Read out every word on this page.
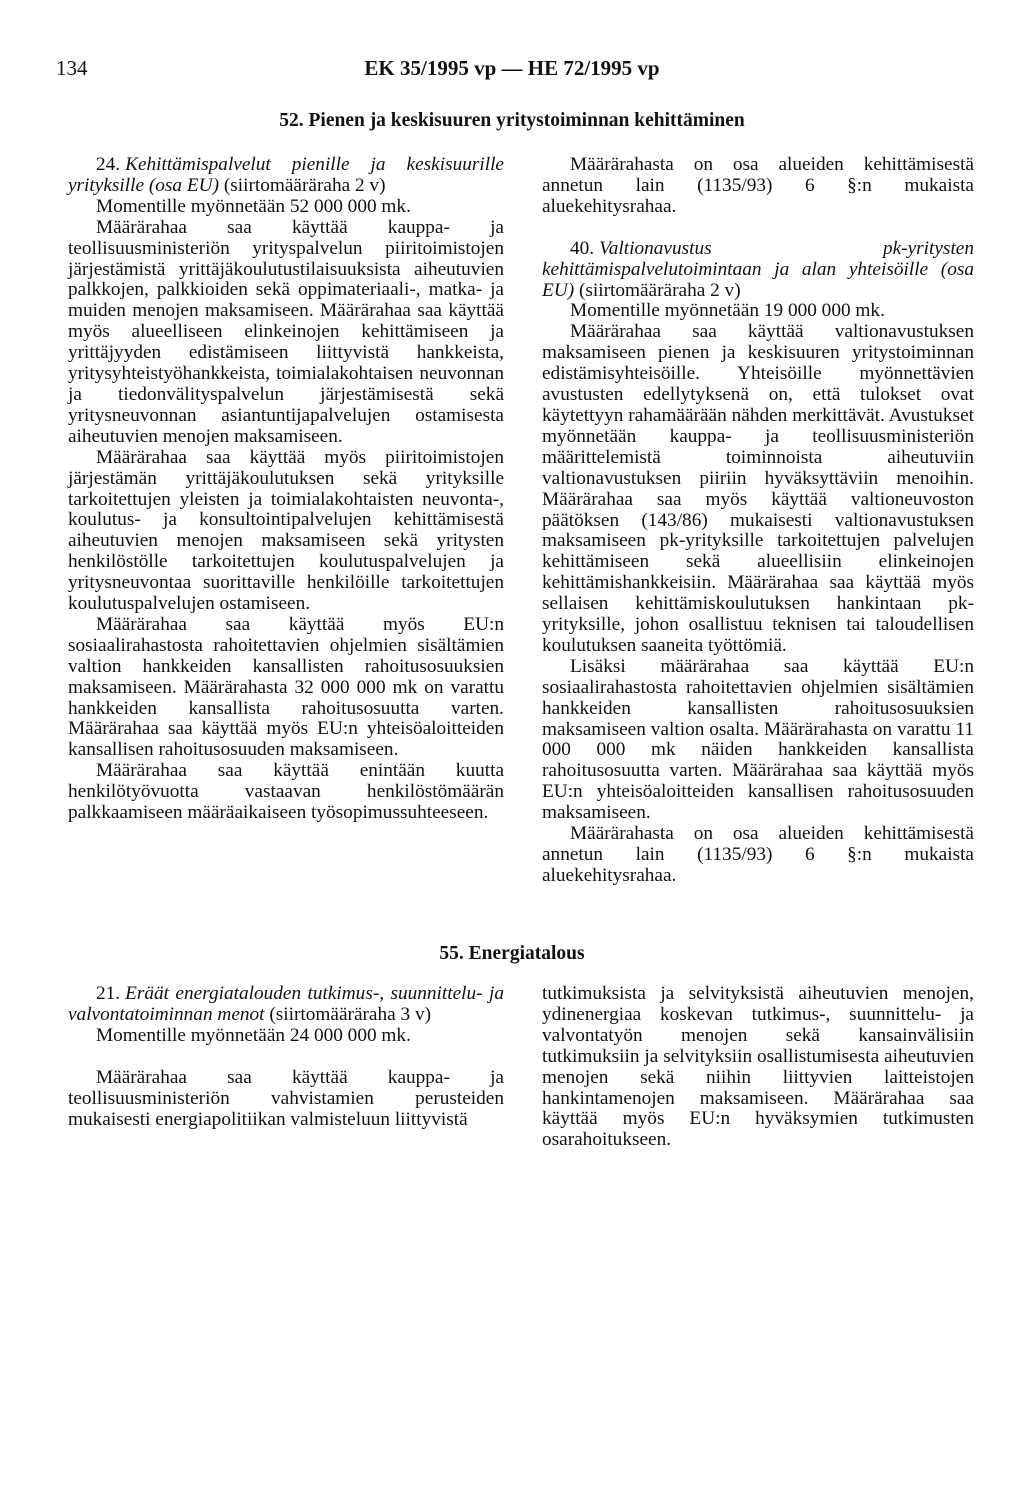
134	EK 35/1995 vp — HE 72/1995 vp
52. Pienen ja keskisuuren yritystoiminnan kehittäminen

24. Kehittämispalvelut pienille ja keskisuurille yrityksille (osa EU) (siirtomääräraha 2 v)

Momentille myönnetään 52 000 000 mk.

Määrärahaa saa käyttää kauppa- ja teollisuusministeriön yrityspalvelun piiritoimistojen järjestämistä yrittäjäkoulutustilaisuuksista aiheutuvien palkkojen, palkkioiden sekä oppimateriaali-, matka- ja muiden menojen maksamiseen. Määrärahaa saa käyttää myös alueelliseen elinkeinojen kehittämiseen ja yrittäjyyden edistämiseen liittyvistä hankkeista, yritysyhteistyöhankkeista, toimialakohtaisen neuvonnan ja tiedonvälityspalvelun järjestämisestä sekä yritysneuvonnan asiantuntijapalvelujen ostamisesta aiheutuvien menojen maksamiseen.

Määrärahaa saa käyttää myös piiritoimistojen järjestämän yrittäjäkoulutuksen sekä yrityksille tarkoitettujen yleisten ja toimialakohtaisten neuvonta-, koulutus- ja konsultointipalvelujen kehittämisestä aiheutuvien menojen maksamiseen sekä yritysten henkilöstölle tarkoitettujen koulutuspalvelujen ja yritysneuvontaa suorittaville henkilöille tarkoitettujen koulutuspalvelujen ostamiseen.

Määrärahaa saa käyttää myös EU:n sosiaalirahastosta rahoitettavien ohjelmien sisältämien valtion hankkeiden kansallisten rahoitusosuuksien maksamiseen. Määrärahasta 32 000 000 mk on varattu hankkeiden kansallista rahoitusosuutta varten. Määrärahaa saa käyttää myös EU:n yhteisöaloitteiden kansallisen rahoitusosuuden maksamiseen.

Määrärahaa saa käyttää enintään kuutta henkilötyövuotta vastaavan henkilöstömäärän palkkaamiseen määräaikaiseen työsopimussuhteeseen.

Määrärahasta on osa alueiden kehittämisestä annetun lain (1135/93) 6 §:n mukaista aluekehitysrahaa.

40. Valtionavustus pk-yritysten kehittämispalvelutoimintaan ja alan yhteisöille (osa EU) (siirtomääräraha 2 v)

Momentille myönnetään 19 000 000 mk.

Määrärahaa saa käyttää valtionavustuksen maksamiseen pienen ja keskisuuren yritystoiminnan edistämisyhteisöille. Yhteisöille myönnettävien avustusten edellytyksenä on, että tulokset ovat käytettyyn rahamäärään nähden merkittävät. Avustukset myönnetään kauppa- ja teollisuusministeriön määrittelemistä toiminnoista aiheutuviin valtionavustuksen piiriin hyväksyttäviin menoihin. Määrärahaa saa myös käyttää valtioneuvoston päätöksen (143/86) mukaisesti valtionavustuksen maksamiseen pk-yrityksille tarkoitettujen palvelujen kehittämiseen sekä alueellisiin elinkeinojen kehittämishankkeisiin. Määrärahaa saa käyttää myös sellaisen kehittämiskoulutuksen hankintaan pk-yrityksille, johon osallistuu teknisen tai taloudellisen koulutuksen saaneita työttömiä.

Lisäksi määrärahaa saa käyttää EU:n sosiaalirahastosta rahoitettavien ohjelmien sisältämien hankkeiden kansallisten rahoitusosuuksien maksamiseen valtion osalta. Määrärahasta on varattu 11 000 000 mk näiden hankkeiden kansallista rahoitusosuutta varten. Määrärahaa saa käyttää myös EU:n yhteisöaloitteiden kansallisen rahoitusosuuden maksamiseen.

Määrärahasta on osa alueiden kehittämisestä annetun lain (1135/93) 6 §:n mukaista aluekehitysrahaa.

55. Energiatalous

21. Eräät energiatalouden tutkimus-, suunnittelu- ja valvontatoiminnan menot (siirtomääräraha 3 v)

Momentille myönnetään 24 000 000 mk.

Määrärahaa saa käyttää kauppa- ja teollisuusministeriön vahvistamien perusteiden mukaisesti energiapolitiikan valmisteluun liittyvistä

tutkimuksista ja selvityksistä aiheutuvien menojen, ydinenergiaa koskevan tutkimus-, suunnittelu- ja valvontatyön menojen sekä kansainvälisiin tutkimuksiin ja selvityksiin osallistumisesta aiheutuvien menojen sekä niihin liittyvien laitteistojen hankintamenojen maksamiseen. Määrärahaa saa käyttää myös EU:n hyväksymien tutkimusten osarahoitukseen.
